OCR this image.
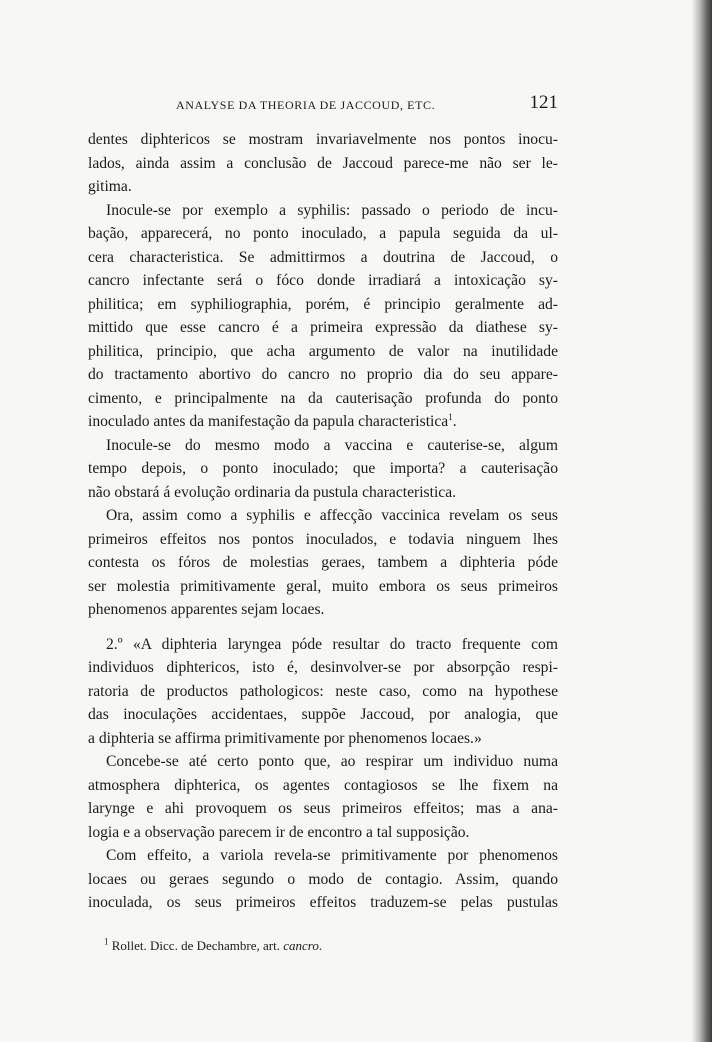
ANALYSE DA THEORIA DE JACCOUD, ETC.	121
dentes diphtericos se mostram invariavelmente nos pontos inocu-
lados, ainda assim a conclusão de Jaccoud parece-me não ser le-
gitima.
Inocule-se por exemplo a syphilis: passado o periodo de incu-
bação, apparecerá, no ponto inoculado, a papula seguida da ul-
cera characteristica. Se admittirmos a doutrina de Jaccoud, o
cancro infectante será o fóco donde irradiará a intoxicação sy-
philitica; em syphiliographia, porém, é principio geralmente ad-
mittido que esse cancro é a primeira expressão da diathese sy-
philitica, principio, que acha argumento de valor na inutilidade
do tractamento abortivo do cancro no proprio dia do seu appare-
cimento, e principalmente na da cauterisação profunda do ponto
inoculado antes da manifestação da papula characteristica$^1$.
Inocule-se do mesmo modo a vaccina e cauterise-se, algum
tempo depois, o ponto inoculado; que importa? a cauterisação
não obstará á evolução ordinaria da pustula characteristica.
Ora, assim como a syphilis e affecção vaccinica revelam os seus
primeiros effeitos nos pontos inoculados, e todavia ninguem lhes
contesta os fóros de molestias geraes, tambem a diphteria póde
ser molestia primitivamente geral, muito embora os seus primeiros
phenomenos apparentes sejam locaes.
2.º «A diphteria laryngea póde resultar do tracto frequente com
individuos diphtericos, isto é, desinvolver-se por absorpção respi-
ratoria de productos pathologicos: neste caso, como na hypothese
das inoculações accidentaes, suppõe Jaccoud, por analogia, que
a diphteria se affirma primitivamente por phenomenos locaes.»
Concebe-se até certo ponto que, ao respirar um individuo numa
atmosphera diphterica, os agentes contagiosos se lhe fixem na
larynge e ahi provoquem os seus primeiros effeitos; mas a ana-
logia e a observação parecem ir de encontro a tal supposição.
Com effeito, a variola revela-se primitivamente por phenomenos
locaes ou geraes segundo o modo de contagio. Assim, quando
inoculada, os seus primeiros effeitos traduzem-se pelas pustulas
$^1$ Rollet. Dicc. de Dechambre, art. cancro.
